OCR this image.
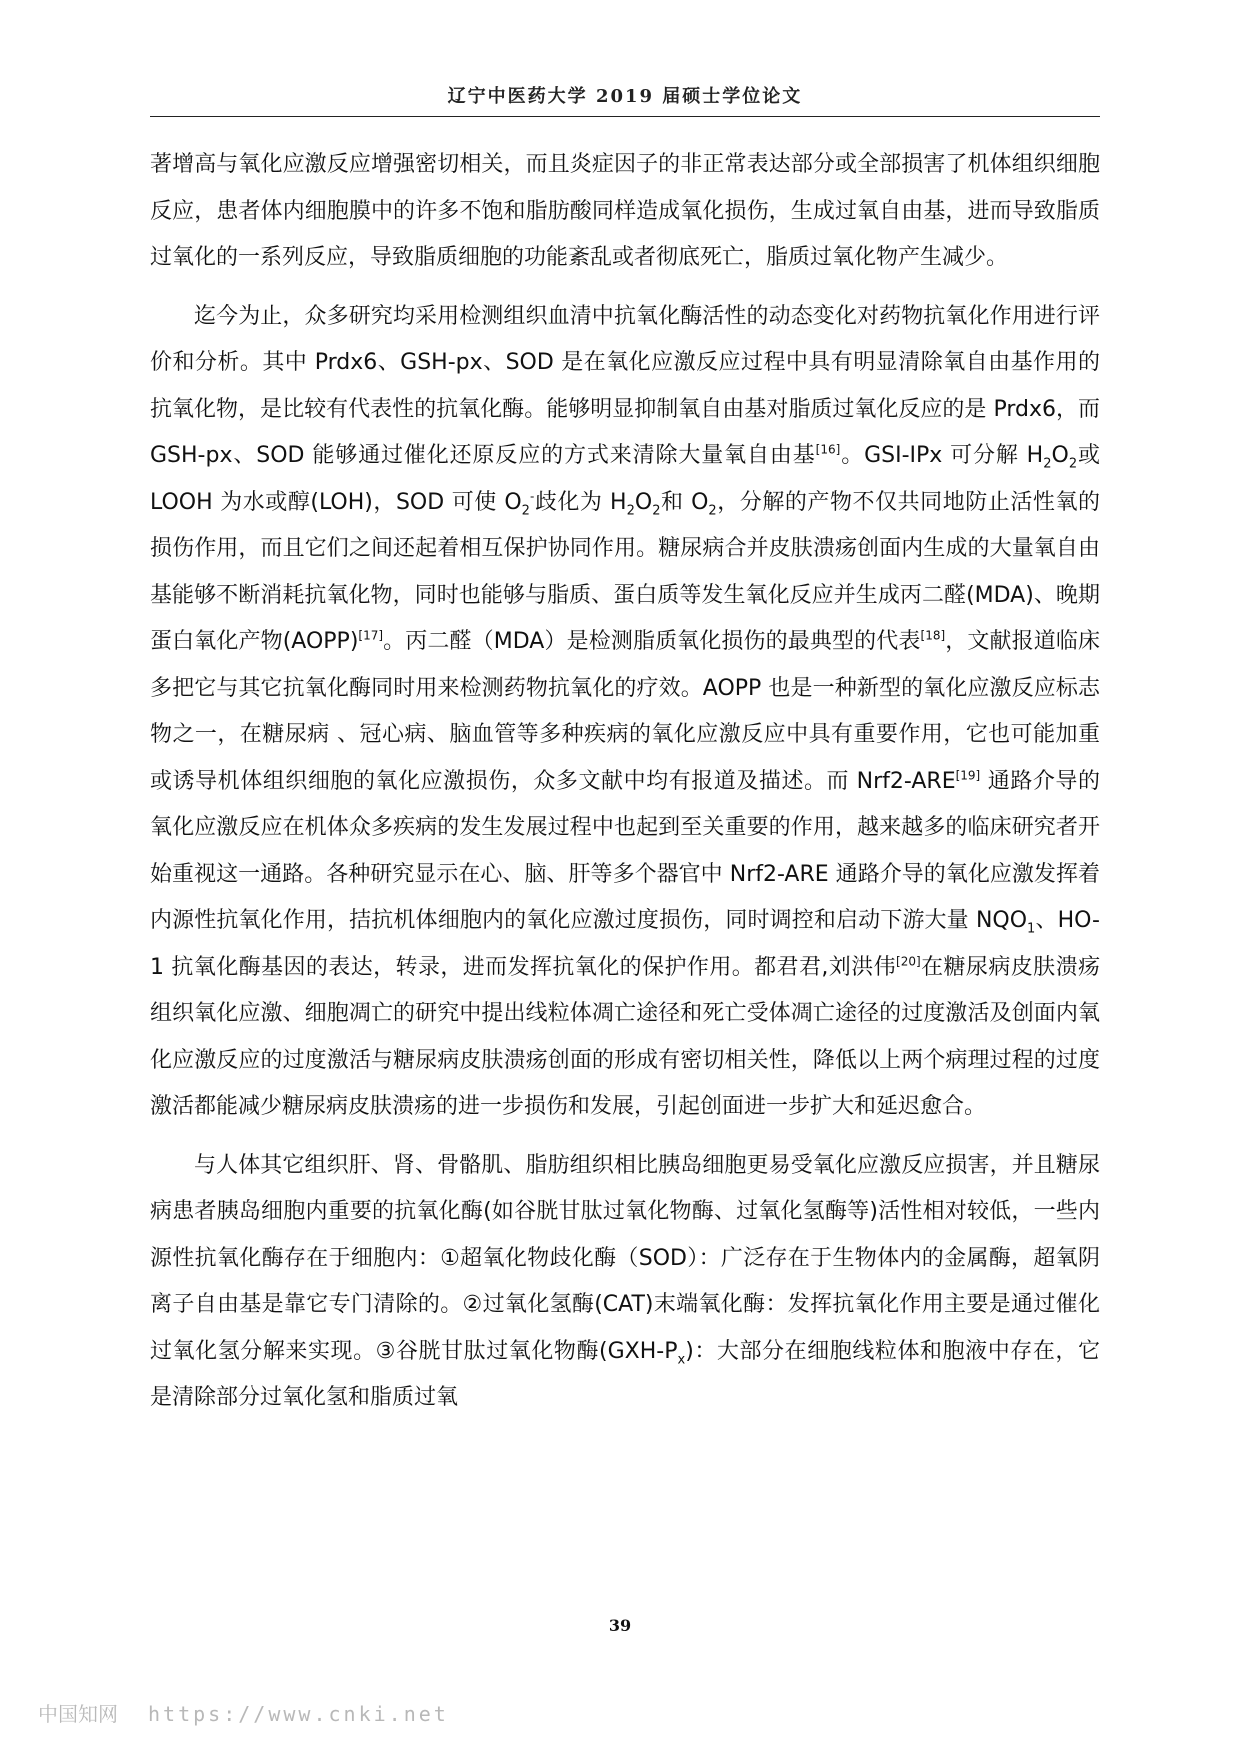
辽宁中医药大学 2019 届硕士学位论文

著增高与氧化应激反应增强密切相关，而且炎症因子的非正常表达部分或全部损害了机体组织细胞反应，患者体内细胞膜中的许多不饱和脂肪酸同样造成氧化损伤，生成过氧自由基，进而导致脂质过氧化的一系列反应，导致脂质细胞的功能紊乱或者彻底死亡，脂质过氧化物产生减少。

迄今为止，众多研究均采用检测组织血清中抗氧化酶活性的动态变化对药物抗氧化作用进行评价和分析。其中 Prdx6、GSH-px、SOD 是在氧化应激反应过程中具有明显清除氧自由基作用的抗氧化物，是比较有代表性的抗氧化酶。能够明显抑制氧自由基对脂质过氧化反应的是 Prdx6，而 GSH-px、SOD 能够通过催化还原反应的方式来清除大量氧自由基[16]。GSI-IPx 可分解 $H_2O_2$或 LOOH 为水或醇(LOH)，SOD 可使 $O_2^-$歧化为 $H_2O_2$和 $O_2$，分解的产物不仅共同地防止活性氧的损伤作用，而且它们之间还起着相互保护协同作用。糖尿病合并皮肤溃疡创面内生成的大量氧自由基能够不断消耗抗氧化物，同时也能够与脂质、蛋白质等发生氧化反应并生成丙二醛(MDA)、晚期蛋白氧化产物(AOPP)[17]。丙二醛（MDA）是检测脂质氧化损伤的最典型的代表[18]，文献报道临床多把它与其它抗氧化酶同时用来检测药物抗氧化的疗效。AOPP 也是一种新型的氧化应激反应标志物之一，在糖尿病 、冠心病、脑血管等多种疾病的氧化应激反应中具有重要作用，它也可能加重或诱导机体组织细胞的氧化应激损伤，众多文献中均有报道及描述。而 Nrf2-ARE[19] 通路介导的氧化应激反应在机体众多疾病的发生发展过程中也起到至关重要的作用，越来越多的临床研究者开始重视这一通路。各种研究显示在心、脑、肝等多个器官中 Nrf2-ARE 通路介导的氧化应激发挥着内源性抗氧化作用，拮抗机体细胞内的氧化应激过度损伤，同时调控和启动下游大量 $NQO_1$、HO-1 抗氧化酶基因的表达，转录，进而发挥抗氧化的保护作用。都君君,刘洪伟[20]在糖尿病皮肤溃疡组织氧化应激、细胞凋亡的研究中提出线粒体凋亡途径和死亡受体凋亡途径的过度激活及创面内氧化应激反应的过度激活与糖尿病皮肤溃疡创面的形成有密切相关性，降低以上两个病理过程的过度激活都能减少糖尿病皮肤溃疡的进一步损伤和发展，引起创面进一步扩大和延迟愈合。

与人体其它组织肝、肾、骨骼肌、脂肪组织相比胰岛细胞更易受氧化应激反应损害，并且糖尿病患者胰岛细胞内重要的抗氧化酶(如谷胱甘肽过氧化物酶、过氧化氢酶等)活性相对较低，一些内源性抗氧化酶存在于细胞内：①超氧化物歧化酶（SOD）：广泛存在于生物体内的金属酶，超氧阴离子自由基是靠它专门清除的。②过氧化氢酶(CAT)末端氧化酶：发挥抗氧化作用主要是通过催化过氧化氢分解来实现。③谷胱甘肽过氧化物酶$(GXH-P_x)$：大部分在细胞线粒体和胞液中存在，它是清除部分过氧化氢和脂质过氧

39
中国知网 https://www.cnki.net
